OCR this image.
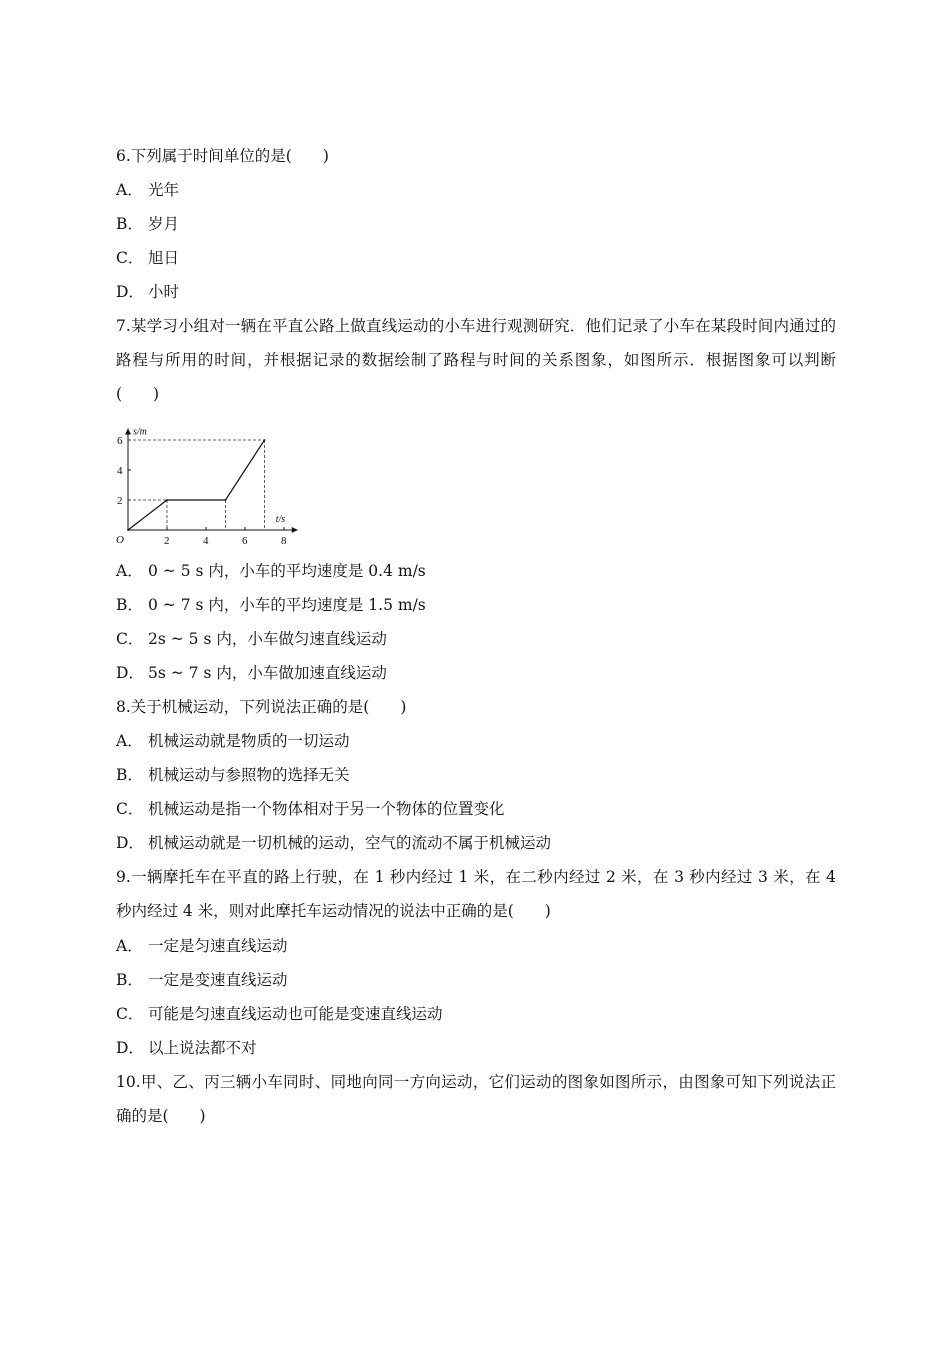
6.下列属于时间单位的是(　　)
A． 光年
B． 岁月
C． 旭日
D． 小时
7.某学习小组对一辆在平直公路上做直线运动的小车进行观测研究．他们记录了小车在某段时间内通过的路程与所用的时间，并根据记录的数据绘制了路程与时间的关系图象，如图所示．根据图象可以判断(　　)
t/s
s/m
O	2	4	6	8
2
4
6
A． 0 ~ 5 s 内，小车的平均速度是 0.4 m/s
B． 0 ~ 7 s 内，小车的平均速度是 1.5 m/s
C． 2s ~ 5 s 内，小车做匀速直线运动
D． 5s ~ 7 s 内，小车做加速直线运动
8.关于机械运动，下列说法正确的是(　　)
A． 机械运动就是物质的一切运动
B． 机械运动与参照物的选择无关
C． 机械运动是指一个物体相对于另一个物体的位置变化
D． 机械运动就是一切机械的运动，空气的流动不属于机械运动
9.一辆摩托车在平直的路上行驶，在 1 秒内经过 1 米，在二秒内经过 2 米，在 3 秒内经过 3 米，在 4 秒内经过 4 米，则对此摩托车运动情况的说法中正确的是(　　)
A． 一定是匀速直线运动
B． 一定是变速直线运动
C． 可能是匀速直线运动也可能是变速直线运动
D． 以上说法都不对
10.甲、乙、丙三辆小车同时、同地向同一方向运动，它们运动的图象如图所示，由图象可知下列说法正确的是(　　)
